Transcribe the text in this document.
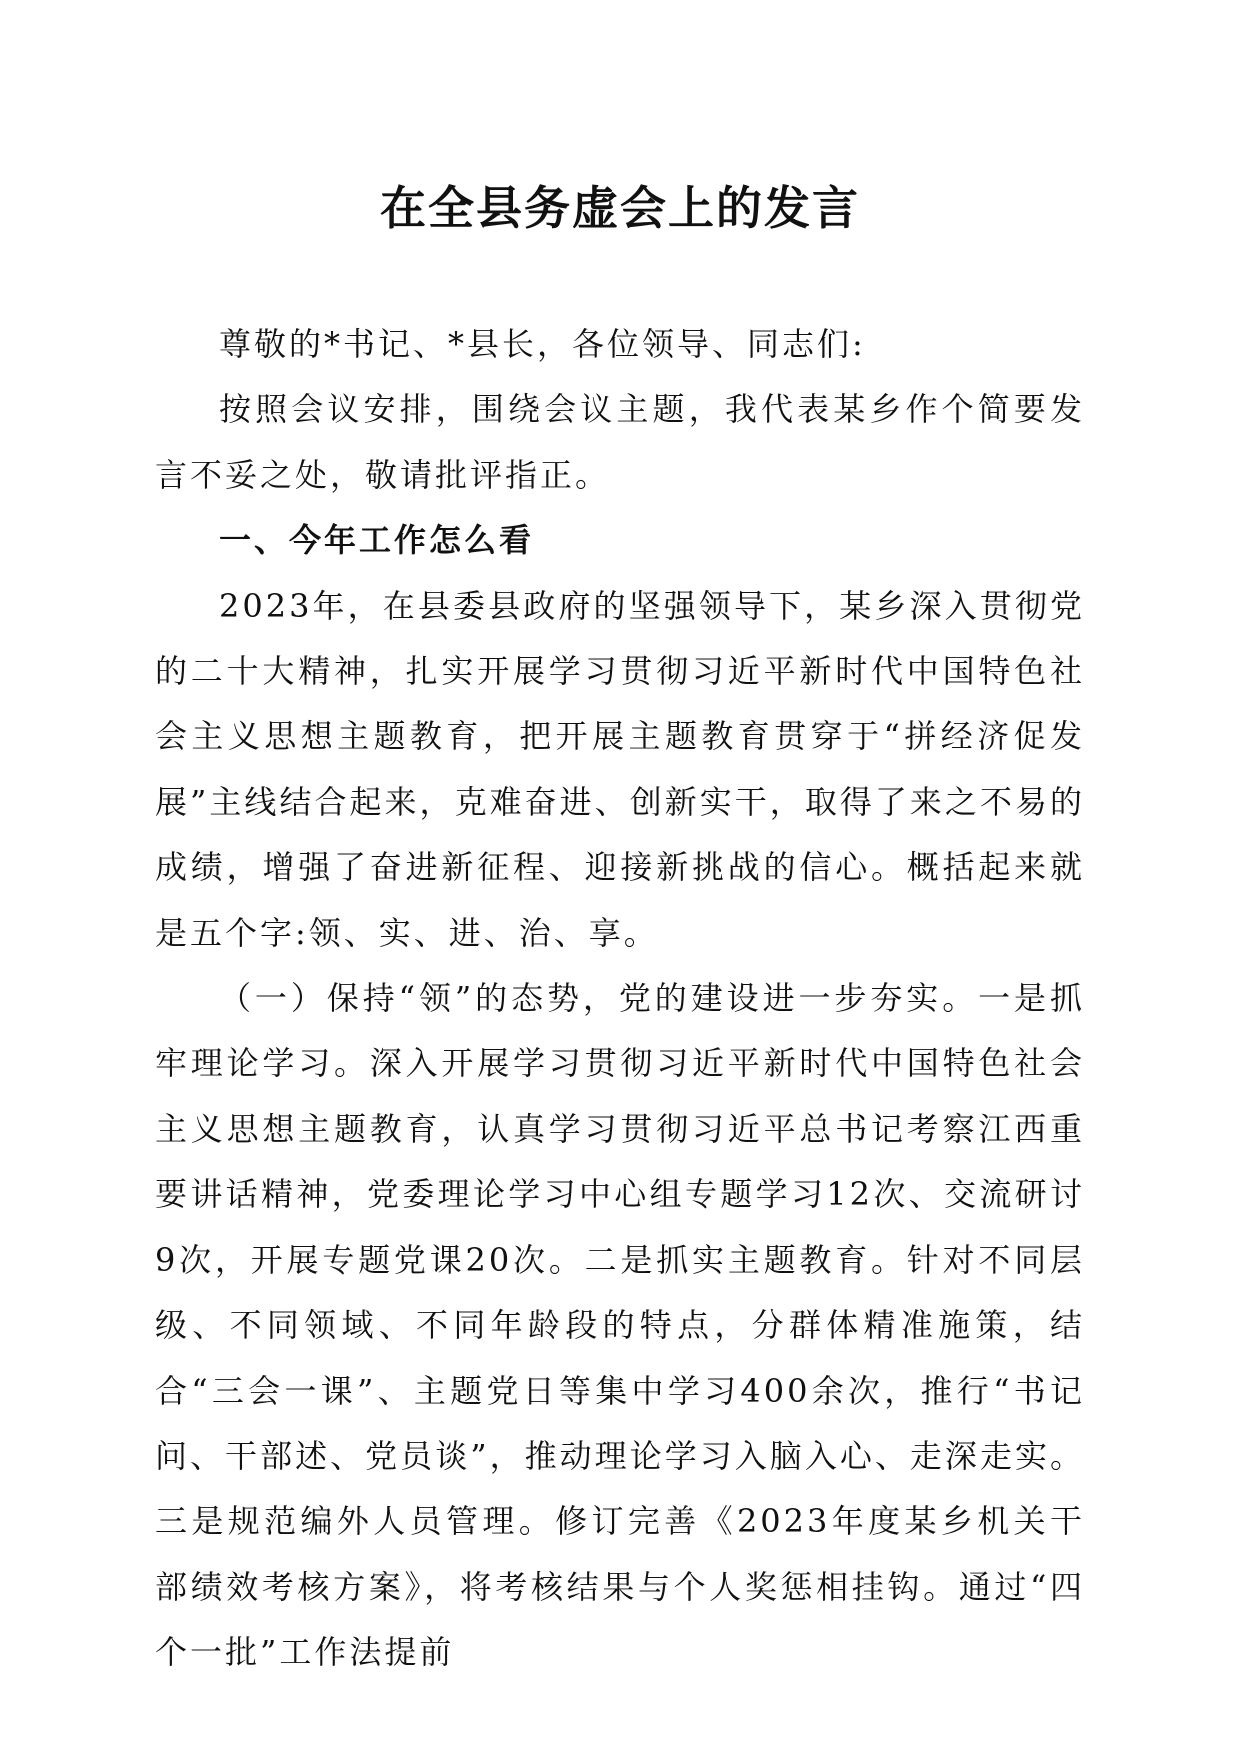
在全县务虚会上的发言

尊敬的*书记、*县长，各位领导、同志们:

按照会议安排，围绕会议主题，我代表某乡作个简要发言不妥之处，敬请批评指正。

一、今年工作怎么看

2023年，在县委县政府的坚强领导下，某乡深入贯彻党的二十大精神，扎实开展学习贯彻习近平新时代中国特色社会主义思想主题教育，把开展主题教育贯穿于“拼经济促发展”主线结合起来，克难奋进、创新实干，取得了来之不易的成绩，增强了奋进新征程、迎接新挑战的信心。概括起来就是五个字:领、实、进、治、享。

（一）保持“领”的态势，党的建设进一步夯实。一是抓牢理论学习。深入开展学习贯彻习近平新时代中国特色社会主义思想主题教育，认真学习贯彻习近平总书记考察江西重要讲话精神，党委理论学习中心组专题学习12次、交流研讨9次，开展专题党课20次。二是抓实主题教育。针对不同层级、不同领域、不同年龄段的特点，分群体精准施策，结合“三会一课”、主题党日等集中学习400余次，推行“书记问、干部述、党员谈”，推动理论学习入脑入心、走深走实。三是规范编外人员管理。修订完善《2023年度某乡机关干部绩效考核方案》，将考核结果与个人奖惩相挂钩。通过“四个一批”工作法提前
